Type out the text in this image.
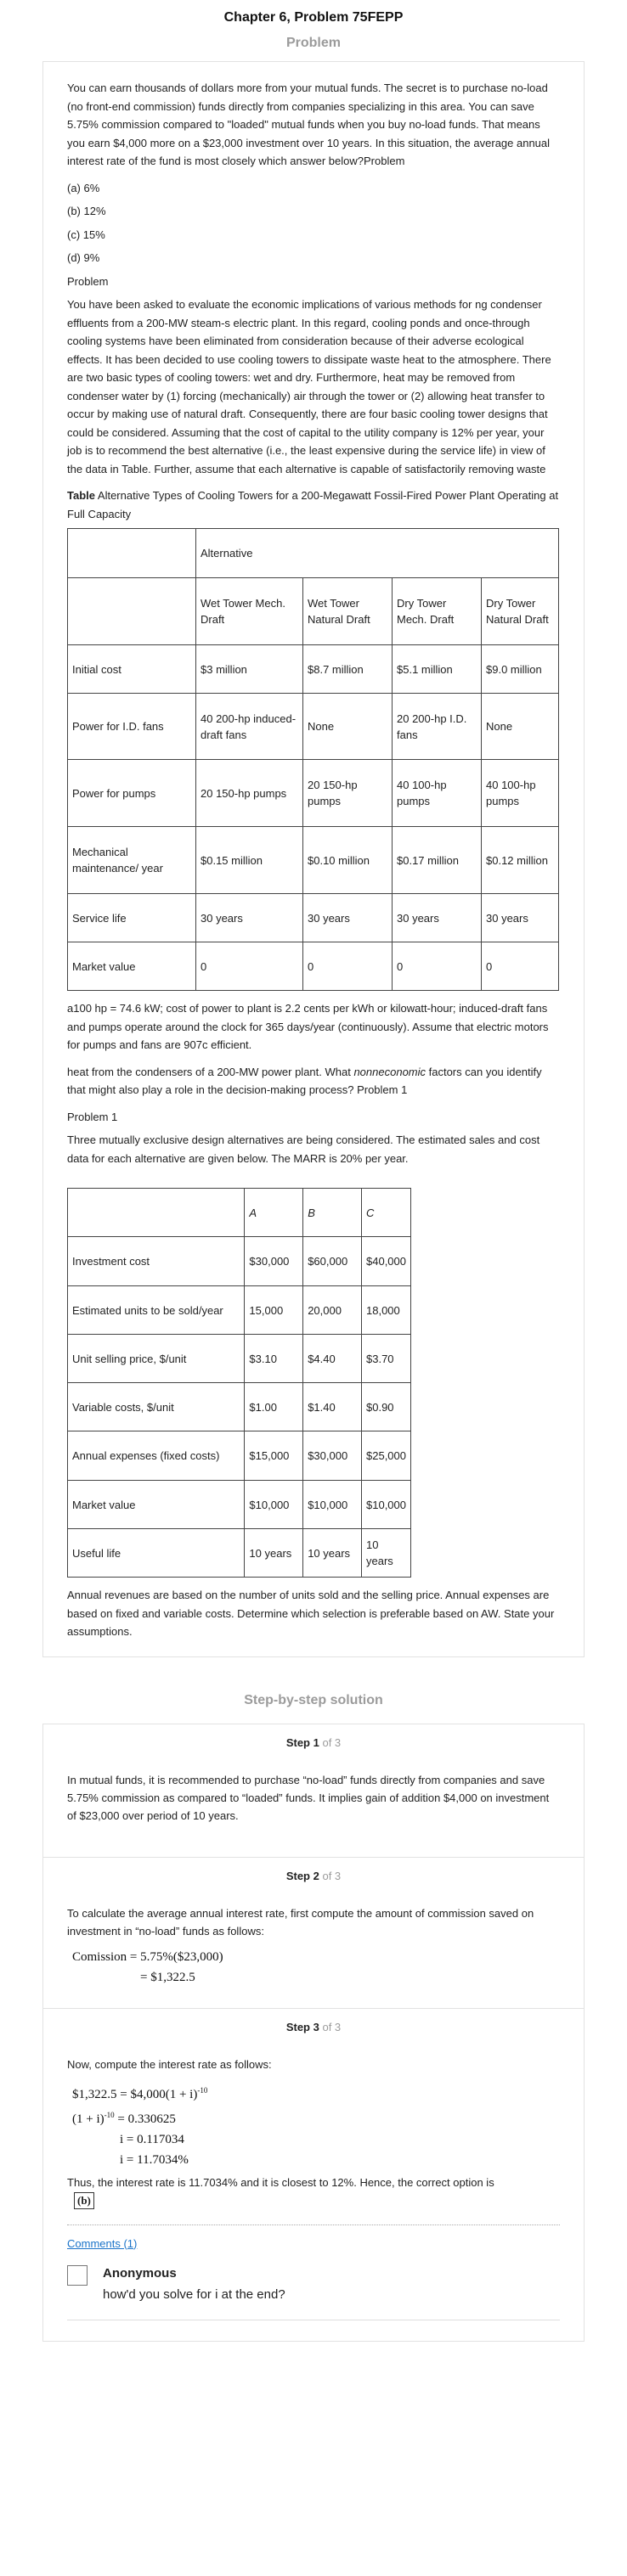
Chapter 6, Problem 75FEPP
Problem

You can earn thousands of dollars more from your mutual funds. The secret is to purchase no-load (no front-end commission) funds directly from companies specializing in this area. You can save 5.75% commission compared to "loaded" mutual funds when you buy no-load funds. That means you earn $4,000 more on a $23,000 investment over 10 years. In this situation, the average annual interest rate of the fund is most closely which answer below?Problem

(a) 6%

(b) 12%

(c) 15%

(d) 9%

Problem

You have been asked to evaluate the economic implications of various methods for ng condenser effluents from a 200-MW steam-s electric plant. In this regard, cooling ponds and once-through cooling systems have been eliminated from consideration because of their adverse ecological effects. It has been decided to use cooling towers to dissipate waste heat to the atmosphere. There are two basic types of cooling towers: wet and dry. Furthermore, heat may be removed from condenser water by (1) forcing (mechanically) air through the tower or (2) allowing heat transfer to occur by making use of natural draft. Consequently, there are four basic cooling tower designs that could be considered. Assuming that the cost of capital to the utility company is 12% per year, your job is to recommend the best alternative (i.e., the least expensive during the service life) in view of the data in Table. Further, assume that each alternative is capable of satisfactorily removing waste

Table Alternative Types of Cooling Towers for a 200-Megawatt Fossil-Fired Power Plant Operating at Full Capacity

	Alternative			
	Wet Tower Mech. Draft	Wet Tower Natural Draft	Dry Tower Mech. Draft	Dry Tower Natural Draft
Initial cost	$3 million	$8.7 million	$5.1 million	$9.0 million
Power for I.D. fans	40 200-hp induced-draft fans	None	20 200-hp I.D. fans	None
Power for pumps	20 150-hp pumps	20 150-hp pumps	40 100-hp pumps	40 100-hp pumps
Mechanical maintenance/ year	$0.15 million	$0.10 million	$0.17 million	$0.12 million
Service life	30 years	30 years	30 years	30 years
Market value	0	0	0	0

a100 hp = 74.6 kW; cost of power to plant is 2.2 cents per kWh or kilowatt-hour; induced-draft fans and pumps operate around the clock for 365 days/year (continuously). Assume that electric motors for pumps and fans are 907c efficient.

heat from the condensers of a 200-MW power plant. What nonneconomic factors can you identify that might also play a role in the decision-making process? Problem 1

Problem 1

Three mutually exclusive design alternatives are being considered. The estimated sales and cost data for each alternative are given below. The MARR is 20% per year.

	A	B	C
Investment cost	$30,000	$60,000	$40,000
Estimated units to be sold/year	15,000	20,000	18,000
Unit selling price, $/unit	$3.10	$4.40	$3.70
Variable costs, $/unit	$1.00	$1.40	$0.90
Annual expenses (fixed costs)	$15,000	$30,000	$25,000
Market value	$10,000	$10,000	$10,000
Useful life	10 years	10 years	10 years

Annual revenues are based on the number of units sold and the selling price. Annual expenses are based on fixed and variable costs. Determine which selection is preferable based on AW. State your assumptions.

Step-by-step solution
Step 1 of 3

In mutual funds, it is recommended to purchase “no-load” funds directly from companies and save 5.75% commission as compared to “loaded” funds. It implies gain of addition $4,000 on investment of $23,000 over period of 10 years.

Step 2 of 3

To calculate the average annual interest rate, first compute the amount of commission saved on investment in “no-load” funds as follows:

Comission = 5.75%($23,000)
= $1,322.5
Step 3 of 3

Now, compute the interest rate as follows:

$1,322.5 = $4,000(1 + i)$^{-10}$
$(1 + i)^{-10} = 0.330625$
i = 0.117034
i = 11.7034%

Thus, the interest rate is 11.7034% and it is closest to 12%. Hence, the correct option is
(b)

Comments (1)
Anonymous
how'd you solve for i at the end?
